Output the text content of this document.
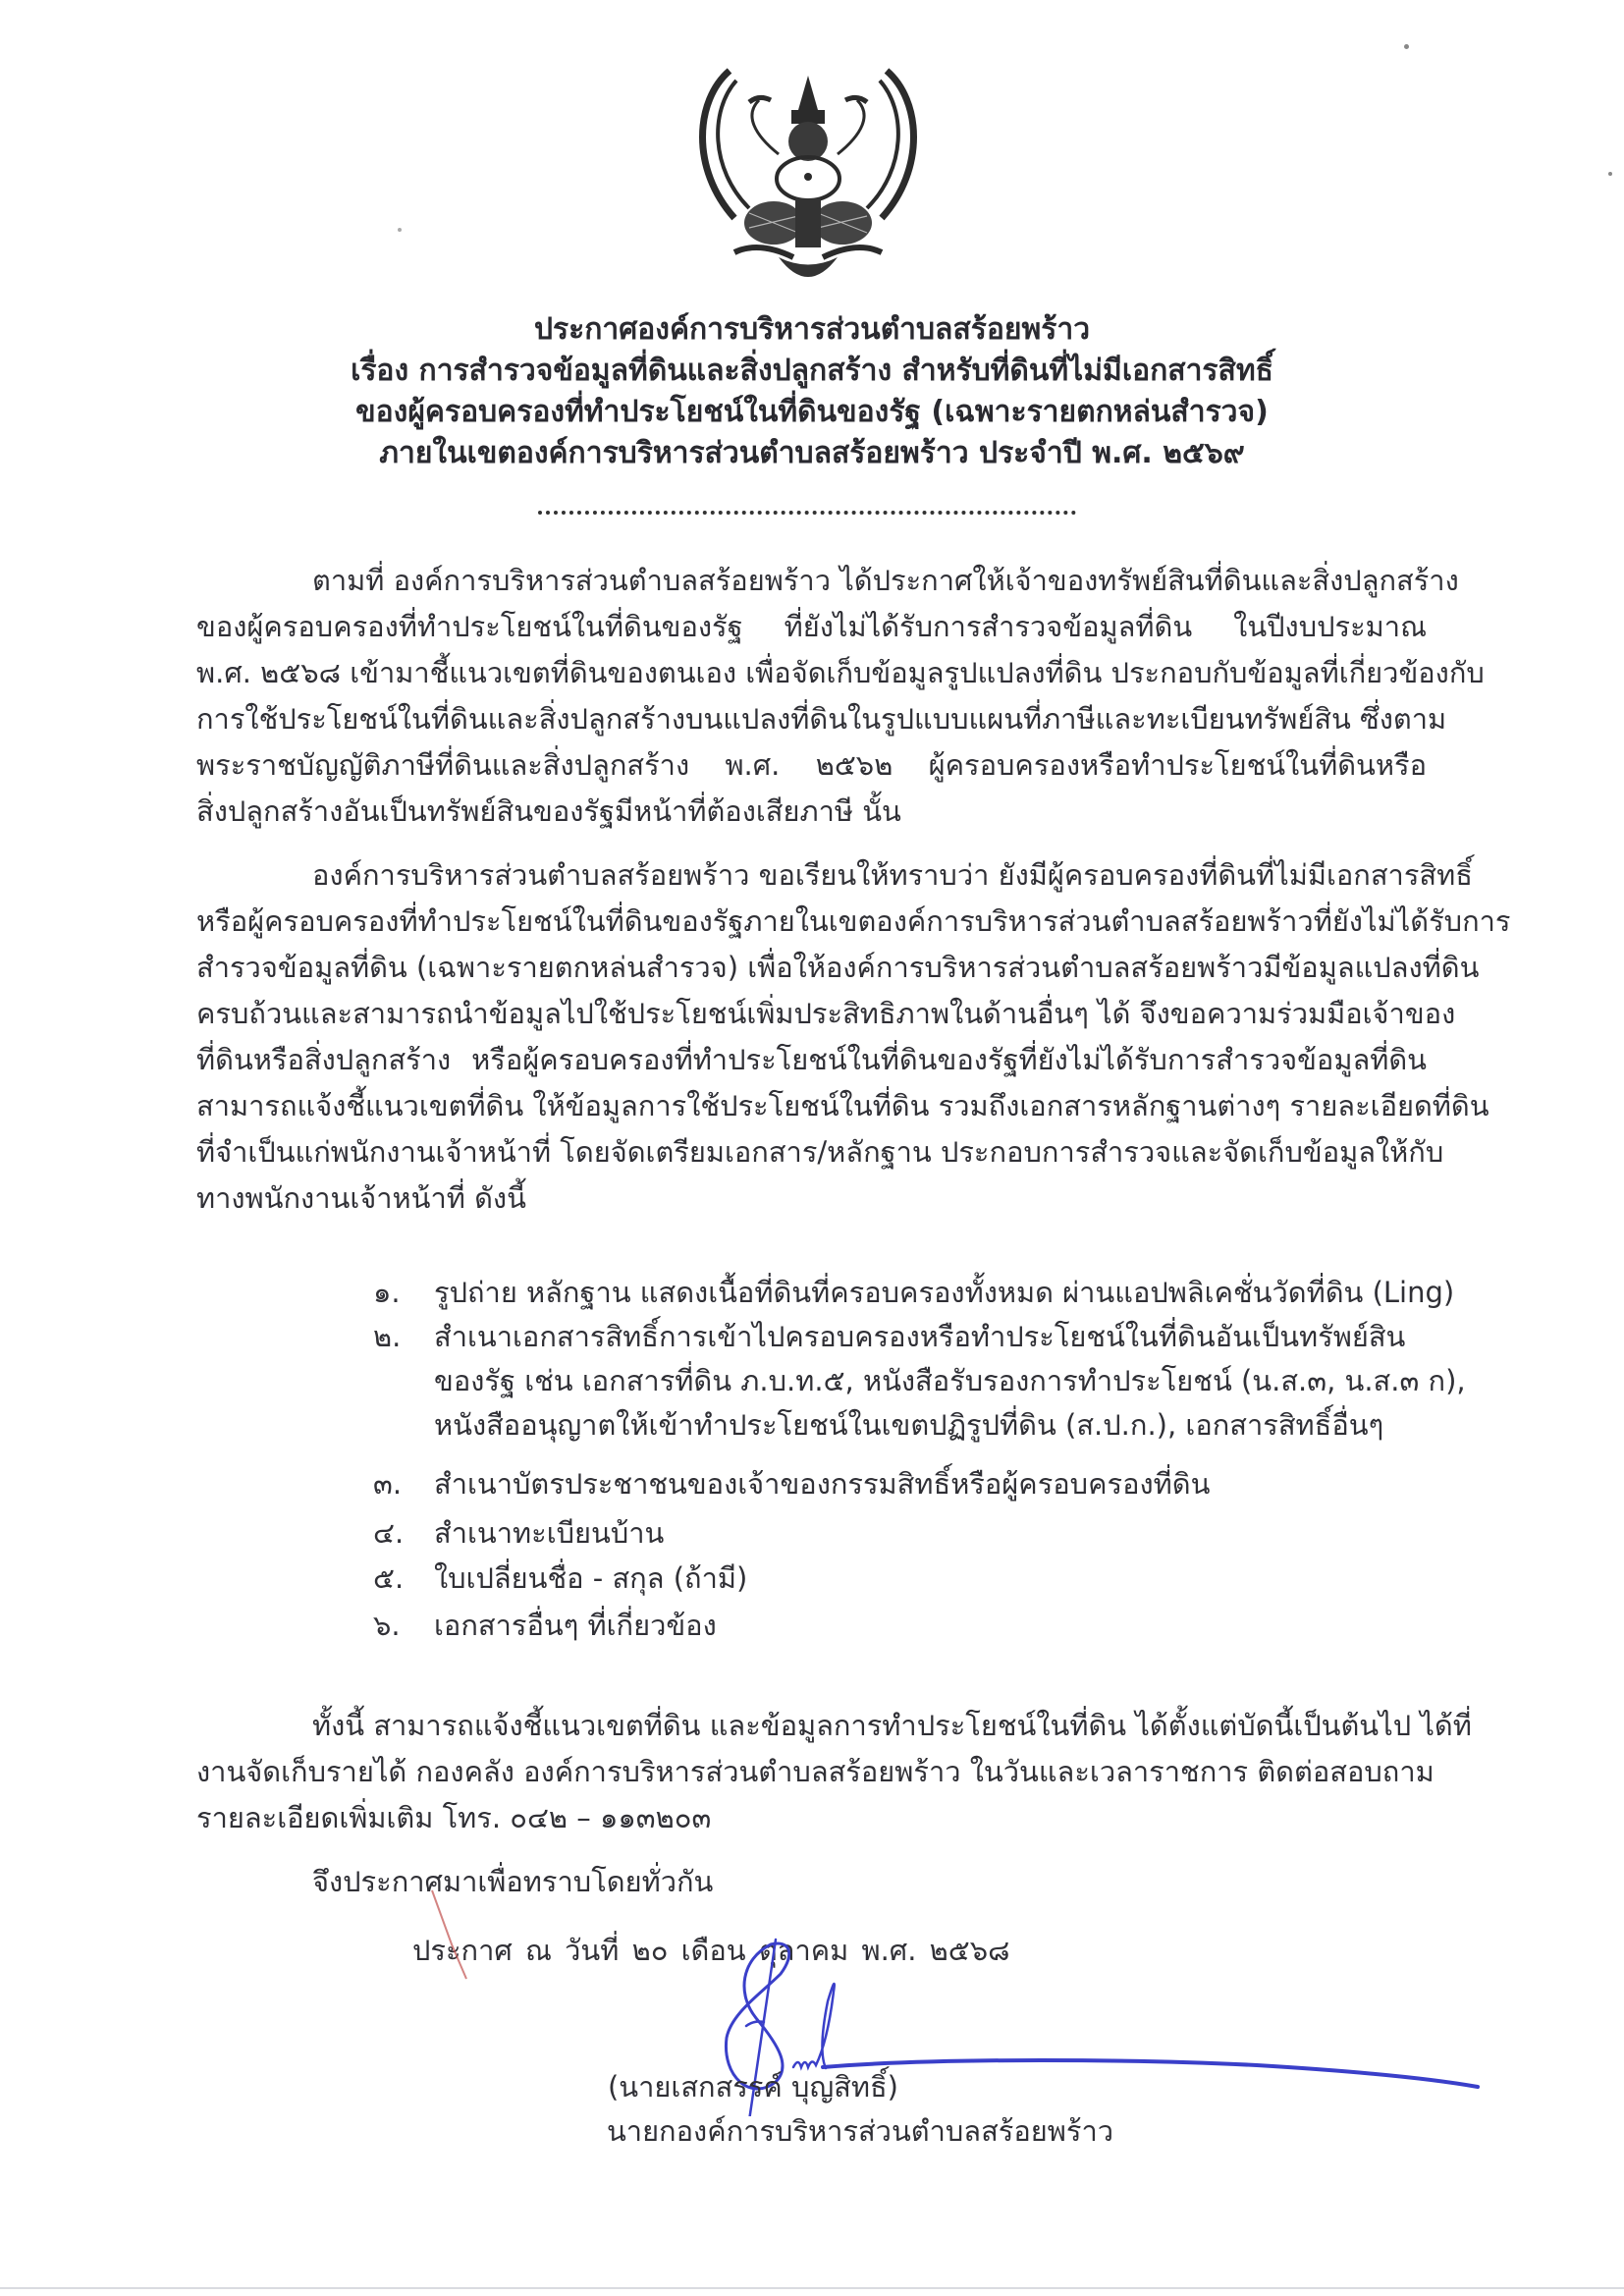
ประกาศองค์การบริหารส่วนตำบลสร้อยพร้าว
เรื่อง การสำรวจข้อมูลที่ดินและสิ่งปลูกสร้าง สำหรับที่ดินที่ไม่มีเอกสารสิทธิ์
ของผู้ครอบครองที่ทำประโยชน์ในที่ดินของรัฐ (เฉพาะรายตกหล่นสำรวจ)
ภายในเขตองค์การบริหารส่วนตำบลสร้อยพร้าว ประจำปี พ.ศ. ๒๕๖๙
ตามที่ องค์การบริหารส่วนตำบลสร้อยพร้าว ได้ประกาศให้เจ้าของทรัพย์สินที่ดินและสิ่งปลูกสร้าง
ของผู้ครอบครองที่ทำประโยชน์ในที่ดินของรัฐ ที่ยังไม่ได้รับการสำรวจข้อมูลที่ดิน ในปีงบประมาณ
พ.ศ. ๒๕๖๘ เข้ามาชี้แนวเขตที่ดินของตนเอง เพื่อจัดเก็บข้อมูลรูปแปลงที่ดิน ประกอบกับข้อมูลที่เกี่ยวข้องกับ
การใช้ประโยชน์ในที่ดินและสิ่งปลูกสร้างบนแปลงที่ดินในรูปแบบแผนที่ภาษีและทะเบียนทรัพย์สิน ซึ่งตาม
พระราชบัญญัติภาษีที่ดินและสิ่งปลูกสร้าง พ.ศ. ๒๕๖๒ ผู้ครอบครองหรือทำประโยชน์ในที่ดินหรือ
สิ่งปลูกสร้างอันเป็นทรัพย์สินของรัฐมีหน้าที่ต้องเสียภาษี นั้น
องค์การบริหารส่วนตำบลสร้อยพร้าว ขอเรียนให้ทราบว่า ยังมีผู้ครอบครองที่ดินที่ไม่มีเอกสารสิทธิ์
หรือผู้ครอบครองที่ทำประโยชน์ในที่ดินของรัฐภายในเขตองค์การบริหารส่วนตำบลสร้อยพร้าวที่ยังไม่ได้รับการ
สำรวจข้อมูลที่ดิน (เฉพาะรายตกหล่นสำรวจ) เพื่อให้องค์การบริหารส่วนตำบลสร้อยพร้าวมีข้อมูลแปลงที่ดิน
ครบถ้วนและสามารถนำข้อมูลไปใช้ประโยชน์เพิ่มประสิทธิภาพในด้านอื่นๆ ได้ จึงขอความร่วมมือเจ้าของ
ที่ดินหรือสิ่งปลูกสร้าง หรือผู้ครอบครองที่ทำประโยชน์ในที่ดินของรัฐที่ยังไม่ได้รับการสำรวจข้อมูลที่ดิน
สามารถแจ้งชี้แนวเขตที่ดิน ให้ข้อมูลการใช้ประโยชน์ในที่ดิน รวมถึงเอกสารหลักฐานต่างๆ รายละเอียดที่ดิน
ที่จำเป็นแก่พนักงานเจ้าหน้าที่ โดยจัดเตรียมเอกสาร/หลักฐาน ประกอบการสำรวจและจัดเก็บข้อมูลให้กับ
ทางพนักงานเจ้าหน้าที่ ดังนี้
๑. รูปถ่าย หลักฐาน แสดงเนื้อที่ดินที่ครอบครองทั้งหมด ผ่านแอปพลิเคชั่นวัดที่ดิน (Ling)
๒. สำเนาเอกสารสิทธิ์การเข้าไปครอบครองหรือทำประโยชน์ในที่ดินอันเป็นทรัพย์สิน
ของรัฐ เช่น เอกสารที่ดิน ภ.บ.ท.๕, หนังสือรับรองการทำประโยชน์ (น.ส.๓, น.ส.๓ ก),
หนังสืออนุญาตให้เข้าทำประโยชน์ในเขตปฏิรูปที่ดิน (ส.ป.ก.), เอกสารสิทธิ์อื่นๆ
๓. สำเนาบัตรประชาชนของเจ้าของกรรมสิทธิ์หรือผู้ครอบครองที่ดิน
๔. สำเนาทะเบียนบ้าน
๕. ใบเปลี่ยนชื่อ - สกุล (ถ้ามี)
๖. เอกสารอื่นๆ ที่เกี่ยวข้อง
ทั้งนี้ สามารถแจ้งชี้แนวเขตที่ดิน และข้อมูลการทำประโยชน์ในที่ดิน ได้ตั้งแต่บัดนี้เป็นต้นไป ได้ที่
งานจัดเก็บรายได้ กองคลัง องค์การบริหารส่วนตำบลสร้อยพร้าว ในวันและเวลาราชการ ติดต่อสอบถาม
รายละเอียดเพิ่มเติม โทร. ๐๔๒ – ๑๑๓๒๐๓
จึงประกาศมาเพื่อทราบโดยทั่วกัน
ประกาศ ณ วันที่ ๒๐ เดือน ตุลาคม พ.ศ. ๒๕๖๘
(นายเสกสรรค์ บุญสิทธิ์)
นายกองค์การบริหารส่วนตำบลสร้อยพร้าว
